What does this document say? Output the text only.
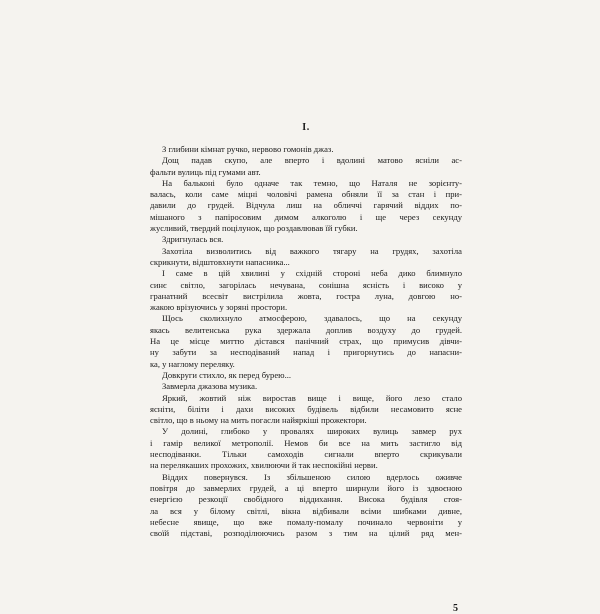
I.
З глибини кімнат ручко, нервово гомонів джаз.
Дощ падав скупо, але вперто і вдолині матово ясніли ас-
фальти вулиць під гумами авт.
На бальконі було одначе так темно, що Наталя не зорієнту-
валась, коли саме міцні чоловічі рамена обняли її за стан і при-
давили до грудей. Відчула лиш на обличчі гарячий віддих по-
мішаного з папіросовим димом алкоголю і ще через секунду
жусливий, твердий поцілунок, що роздавлював їй губки.
Здригнулась вся.
Захотіла визволитись від важкого тягару на грудях, захотіла
скрикнути, відштовхнути напасника...
І саме в цій хвилині у східній стороні неба дико блимнуло
синє світло, загорілась нечувана, сонішна ясність і високо у
гранатний всесвіт вистрілила жовта, гостра луна, довгою но-
жакою врізуючись у зоряні простори.
Щось сколихнуло атмосферою, здавалось, що на секунду
якась велитенська рука здержала доплив воздуху до грудей.
На це місце миттю дістався панічний страх, що примусив дівчи-
ну забути за несподіваний напад і пригорнутись до напасни-
ка, у наглому переляку.
Довкруги стихло, як перед бурею...
Завмерла джазова музика.
Яркий, жовтий ніж виростав вище і вище, його лезо стало
ясніти, біліти і дахи високих будівель відбили несамовито ясне
світло, що в ньому на мить погасли найяркіші прожектори.
У долині, глибоко у провалях широких вулиць завмер рух
і гамір великої метрополії. Немов би все на мить застигло від
несподіванки. Тільки самоходів сигнали вперто скрикували
на перелякаших прохожих, хвилюючи й так неспокійні нерви.
Віддих повернувся. Із збільшеною силою вдерлось оживче
повітря до завмерлих грудей, а ці вперто ширнули його із здвоєною
енергією резкоції свобідного віддихання. Висока будівля стоя-
ла вся у білому світлі, вікна відбивали всіми шибками дивне,
небесне явище, що вже помалу-помалу починало червоніти у
своїй підставі, розподілюючись разом з тим на цілий ряд мен-
5
